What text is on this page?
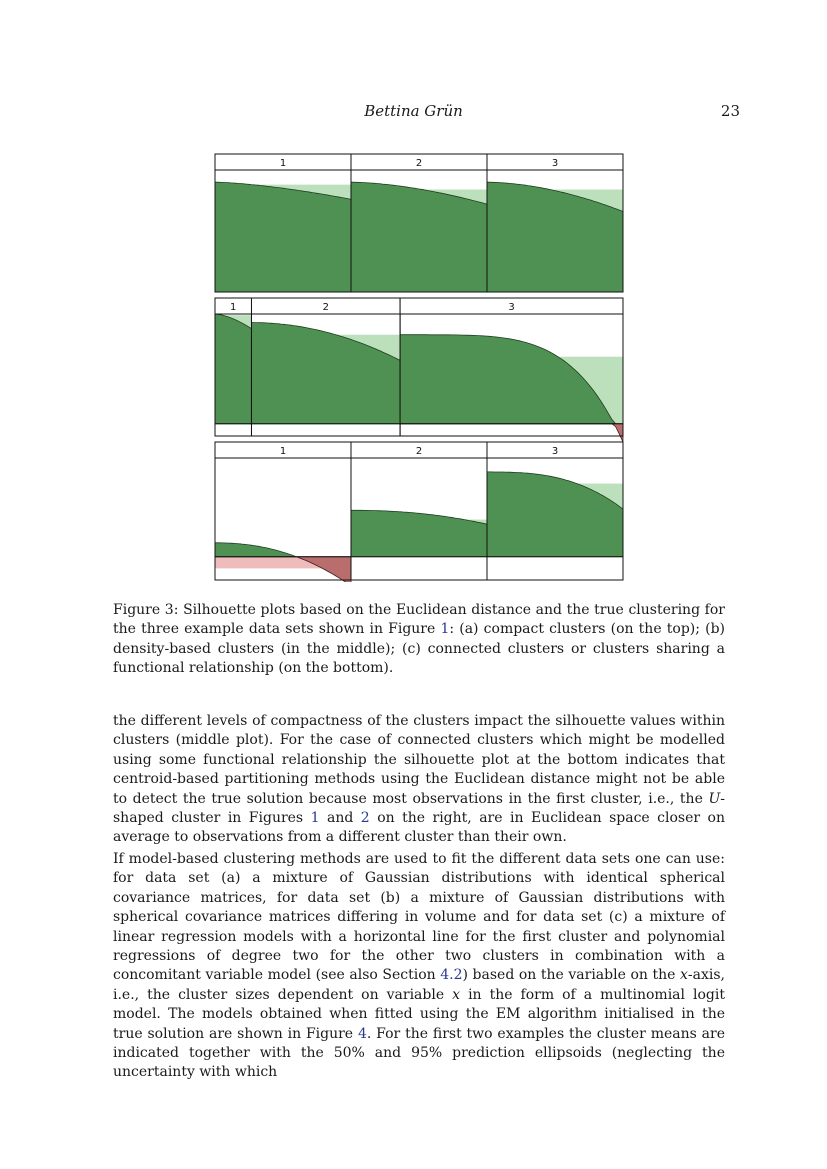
Bettina Grün	23
1	2	3
1	2	3
1	2	3
Figure 3: Silhouette plots based on the Euclidean distance and the true clustering for the three example data sets shown in Figure 1: (a) compact clusters (on the top); (b) density-based clusters (in the middle); (c) connected clusters or clusters sharing a functional relationship (on the bottom).

the different levels of compactness of the clusters impact the silhouette values within clusters (middle plot). For the case of connected clusters which might be modelled using some functional relationship the silhouette plot at the bottom indicates that centroid-based partitioning methods using the Euclidean distance might not be able to detect the true solution because most observations in the first cluster, i.e., the U-shaped cluster in Figures 1 and 2 on the right, are in Euclidean space closer on average to observations from a different cluster than their own.

If model-based clustering methods are used to fit the different data sets one can use: for data set (a) a mixture of Gaussian distributions with identical spherical covariance matrices, for data set (b) a mixture of Gaussian distributions with spherical covariance matrices differing in volume and for data set (c) a mixture of linear regression models with a horizontal line for the first cluster and polynomial regressions of degree two for the other two clusters in combination with a concomitant variable model (see also Section 4.2) based on the variable on the x-axis, i.e., the cluster sizes dependent on variable x in the form of a multinomial logit model. The models obtained when fitted using the EM algorithm initialised in the true solution are shown in Figure 4. For the first two examples the cluster means are indicated together with the 50% and 95% prediction ellipsoids (neglecting the uncertainty with which
